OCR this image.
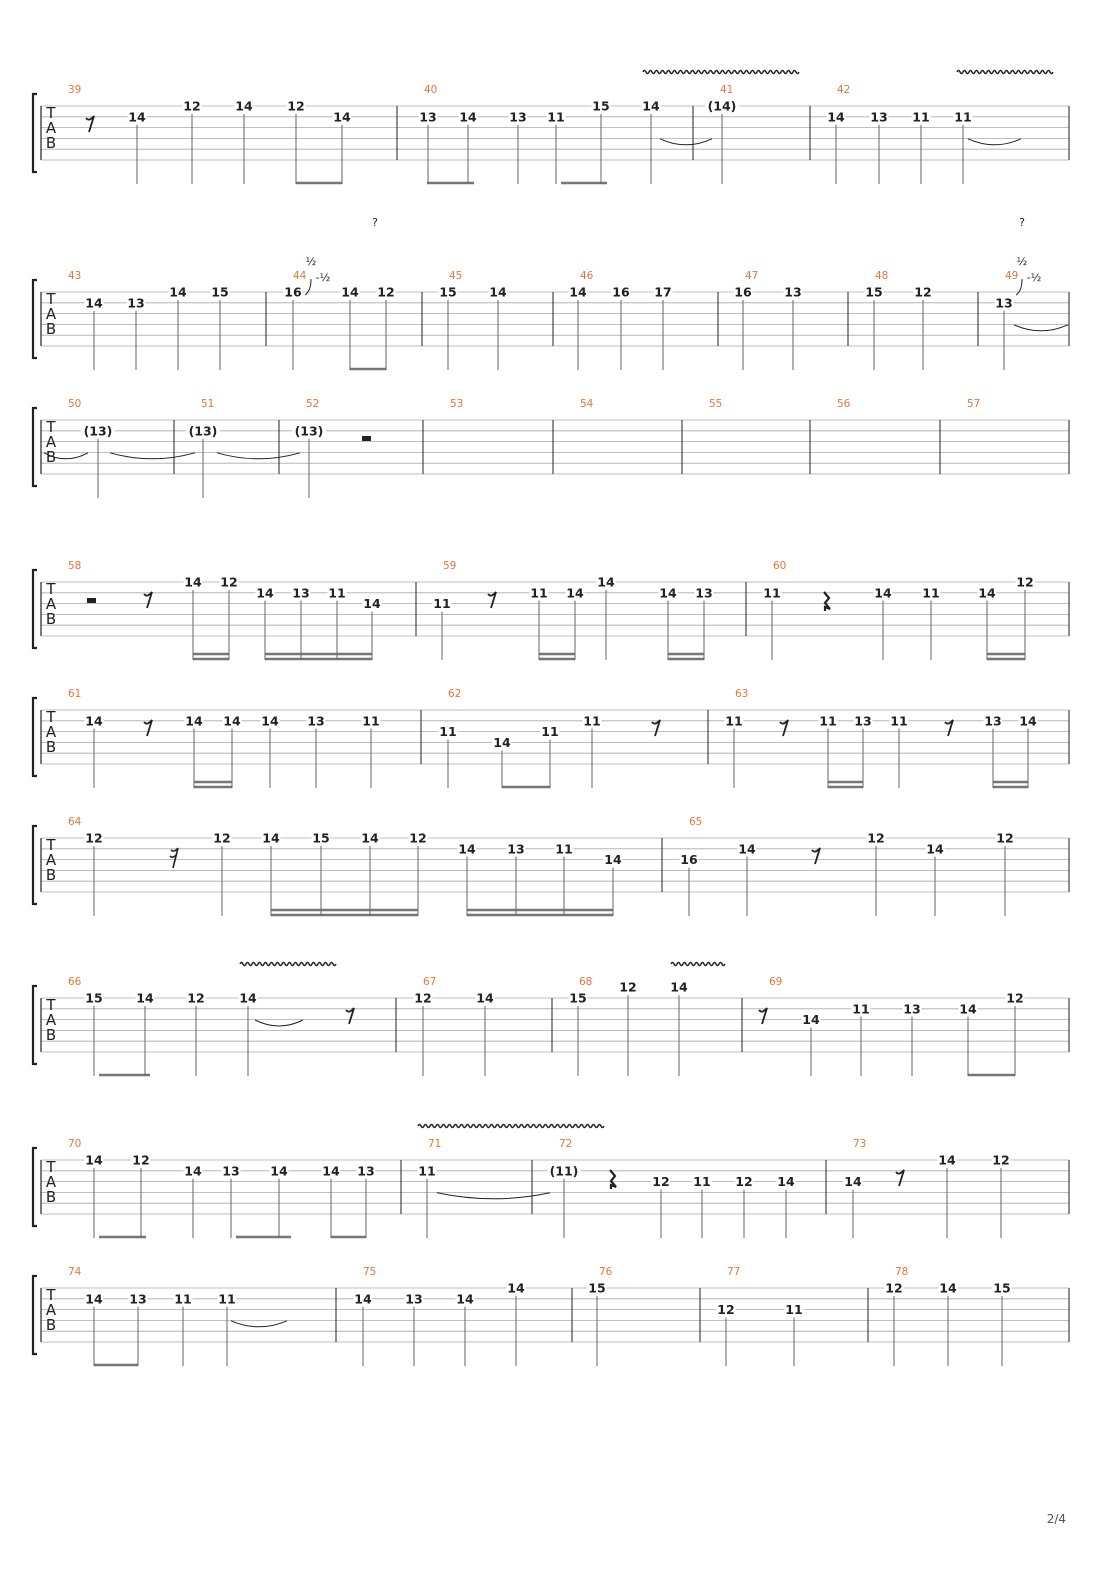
T
A
B
39
14
12	14	12
14
40
13 14	13 11
15	14
41
(14)
42
14 13 11 11
T
A
B
43
14 13
14 15
44
?
½
-½
16	14 12
45
15	14
46
14 16 17
47
16	13
48
15	12
49
?
½
-½
13
T
A
B
50
(13)
51
(13)
52
(13)
53	54	55	56	57
T
A
B
58
14 12
14 13 11
14
59
11
11 14
14
14 13
60
11	14 11	14
12
T
A
B
61
14	14 14 14 13	11
62
11
14
11
11
63
11	11 13 11	13 14
T
A
B
64
12	12	14	15	14 12
14	13 11
14
65
16
14
12
14
12
T
A
B
66
15	14	12	14
67
12	14
68
15
12	14	69
14
11	13	14
12
T
A
B
70
14 12
14 13 14	14 13
71
11
72
(11)
12 11 12 14
73
14
14	12
T
A
B
74
14 13 11 11
75
14	13	14
14
76
15
77
12	11
78
12	14	15
2/4
